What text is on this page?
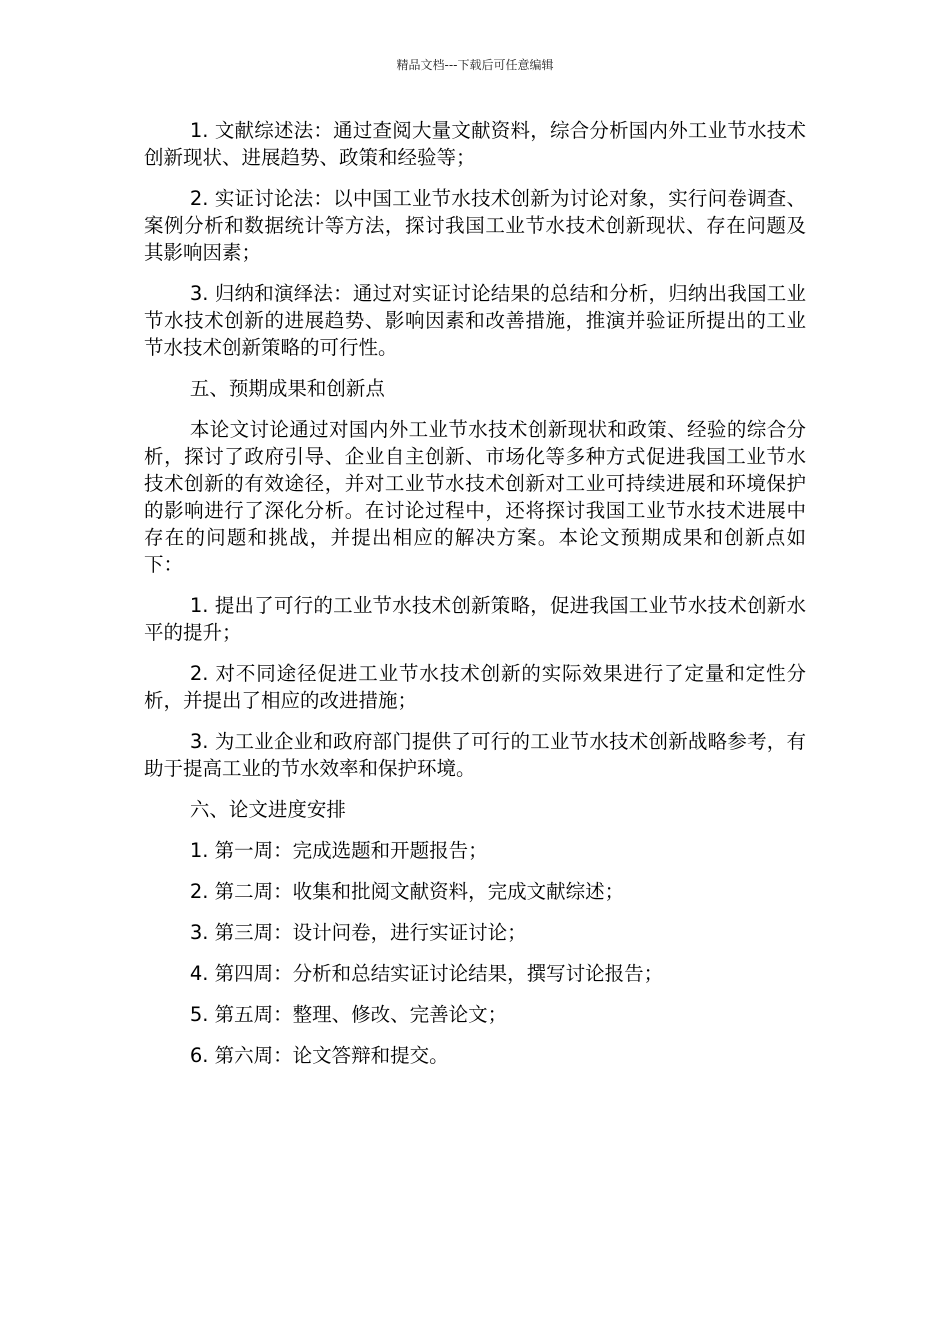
精品文档---下载后可任意编辑

1. 文献综述法：通过查阅大量文献资料，综合分析国内外工业节水技术创新现状、进展趋势、政策和经验等；

2. 实证讨论法：以中国工业节水技术创新为讨论对象，实行问卷调查、案例分析和数据统计等方法，探讨我国工业节水技术创新现状、存在问题及其影响因素；

3. 归纳和演绎法：通过对实证讨论结果的总结和分析，归纳出我国工业节水技术创新的进展趋势、影响因素和改善措施，推演并验证所提出的工业节水技术创新策略的可行性。

五、预期成果和创新点

本论文讨论通过对国内外工业节水技术创新现状和政策、经验的综合分析，探讨了政府引导、企业自主创新、市场化等多种方式促进我国工业节水技术创新的有效途径，并对工业节水技术创新对工业可持续进展和环境保护的影响进行了深化分析。在讨论过程中，还将探讨我国工业节水技术进展中存在的问题和挑战，并提出相应的解决方案。本论文预期成果和创新点如下：

1. 提出了可行的工业节水技术创新策略，促进我国工业节水技术创新水平的提升；

2. 对不同途径促进工业节水技术创新的实际效果进行了定量和定性分析，并提出了相应的改进措施；

3. 为工业企业和政府部门提供了可行的工业节水技术创新战略参考，有助于提高工业的节水效率和保护环境。

六、论文进度安排

1. 第一周：完成选题和开题报告；

2. 第二周：收集和批阅文献资料，完成文献综述；

3. 第三周：设计问卷，进行实证讨论；

4. 第四周：分析和总结实证讨论结果，撰写讨论报告；

5. 第五周：整理、修改、完善论文；

6. 第六周：论文答辩和提交。
